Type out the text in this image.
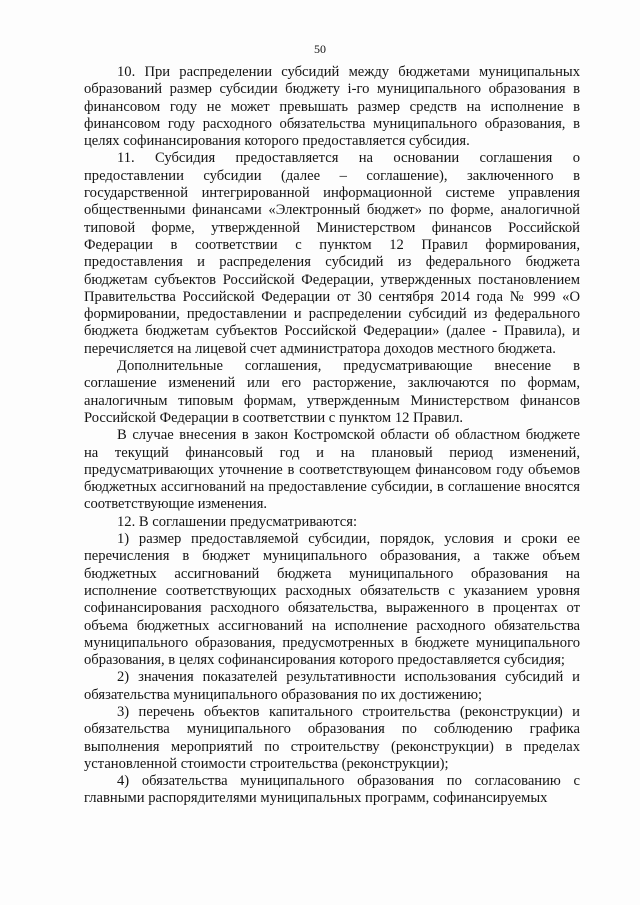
50

10. При распределении субсидий между бюджетами муниципальных образований размер субсидии бюджету i-го муниципального образования в финансовом году не может превышать размер средств на исполнение в финансовом году расходного обязательства муниципального образования, в целях софинансирования которого предоставляется субсидия.

11. Субсидия предоставляется на основании соглашения о предоставлении субсидии (далее – соглашение), заключенного в государственной интегрированной информационной системе управления общественными финансами «Электронный бюджет» по форме, аналогичной типовой форме, утвержденной Министерством финансов Российской Федерации в соответствии с пунктом 12 Правил формирования, предоставления и распределения субсидий из федерального бюджета бюджетам субъектов Российской Федерации, утвержденных постановлением Правительства Российской Федерации от 30 сентября 2014 года № 999 «О формировании, предоставлении и распределении субсидий из федерального бюджета бюджетам субъектов Российской Федерации» (далее - Правила), и перечисляется на лицевой счет администратора доходов местного бюджета.

Дополнительные соглашения, предусматривающие внесение в соглашение изменений или его расторжение, заключаются по формам, аналогичным типовым формам, утвержденным Министерством финансов Российской Федерации в соответствии с пунктом 12 Правил.

В случае внесения в закон Костромской области об областном бюджете на текущий финансовый год и на плановый период изменений, предусматривающих уточнение в соответствующем финансовом году объемов бюджетных ассигнований на предоставление субсидии, в соглашение вносятся соответствующие изменения.

12. В соглашении предусматриваются:

1) размер предоставляемой субсидии, порядок, условия и сроки ее перечисления в бюджет муниципального образования, а также объем бюджетных ассигнований бюджета муниципального образования на исполнение соответствующих расходных обязательств с указанием уровня софинансирования расходного обязательства, выраженного в процентах от объема бюджетных ассигнований на исполнение расходного обязательства муниципального образования, предусмотренных в бюджете муниципального образования, в целях софинансирования которого предоставляется субсидия;

2) значения показателей результативности использования субсидий и обязательства муниципального образования по их достижению;

3) перечень объектов капитального строительства (реконструкции) и обязательства муниципального образования по соблюдению графика выполнения мероприятий по строительству (реконструкции) в пределах установленной стоимости строительства (реконструкции);

4) обязательства муниципального образования по согласованию с главными распорядителями муниципальных программ, софинансируемых
